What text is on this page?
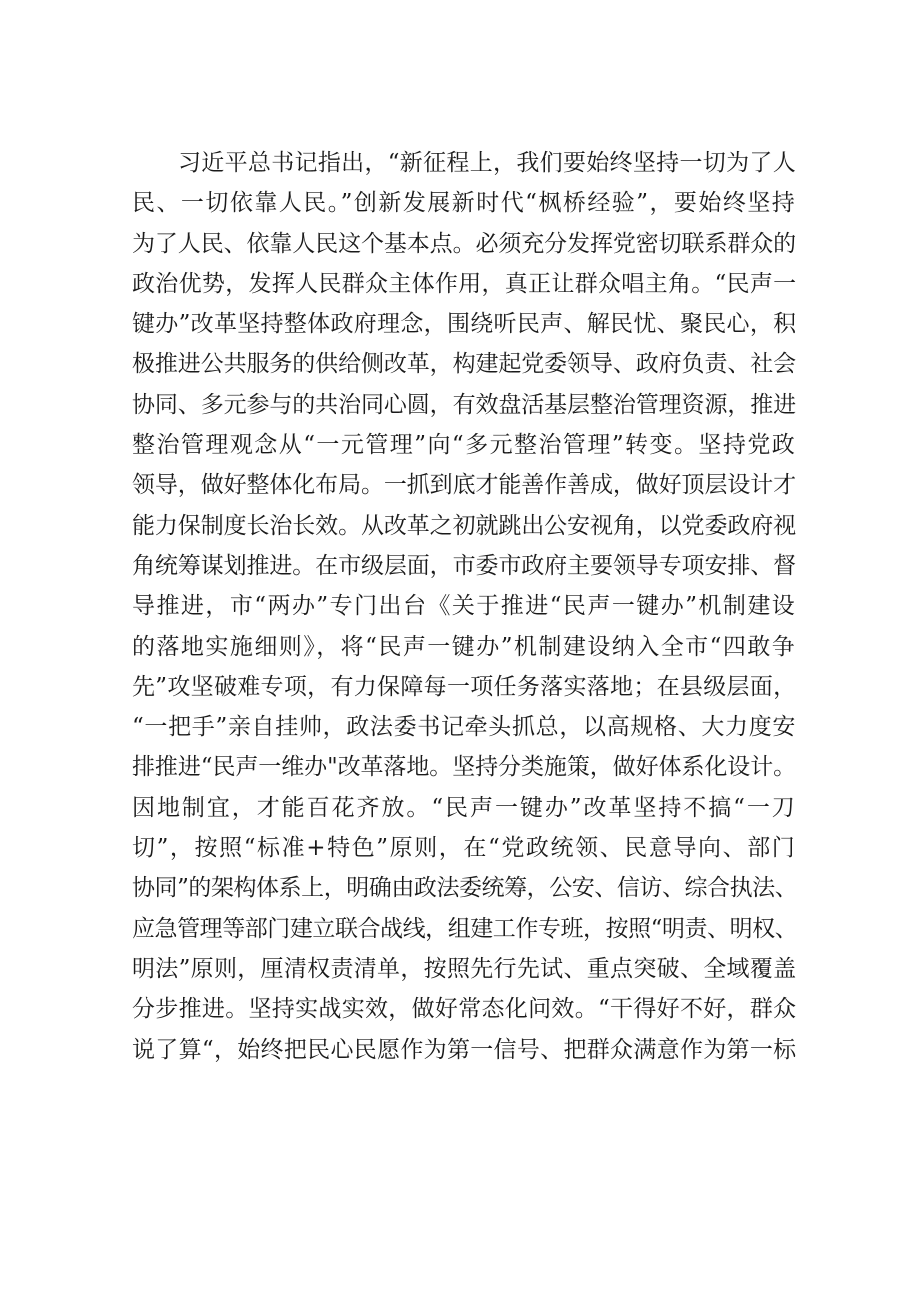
习近平总书记指出，“新征程上，我们要始终坚持一切为了人
民、一切依靠人民。”创新发展新时代“枫桥经验”，要始终坚持
为了人民、依靠人民这个基本点。必须充分发挥党密切联系群众的
政治优势，发挥人民群众主体作用，真正让群众唱主角。“民声一
键办”改革坚持整体政府理念，围绕听民声、解民忧、聚民心，积
极推进公共服务的供给侧改革，构建起党委领导、政府负责、社会
协同、多元参与的共治同心圆，有效盘活基层整治管理资源，推进
整治管理观念从“一元管理”向“多元整治管理”转变。坚持党政
领导，做好整体化布局。一抓到底才能善作善成，做好顶层设计才
能力保制度长治长效。从改革之初就跳出公安视角，以党委政府视
角统筹谋划推进。在市级层面，市委市政府主要领导专项安排、督
导推进，市“两办”专门出台《关于推进“民声一键办”机制建设
的落地实施细则》，将“民声一键办”机制建设纳入全市“四敢争
先”攻坚破难专项，有力保障每一项任务落实落地；在县级层面，
“一把手”亲自挂帅，政法委书记牵头抓总，以高规格、大力度安
排推进“民声一维办"改革落地。坚持分类施策，做好体系化设计。
因地制宜，才能百花齐放。“民声一键办”改革坚持不搞“一刀
切”，按照“标准+特色”原则，在“党政统领、民意导向、部门
协同”的架构体系上，明确由政法委统筹，公安、信访、综合执法、
应急管理等部门建立联合战线，组建工作专班，按照“明责、明权、
明法”原则，厘清权责清单，按照先行先试、重点突破、全域覆盖
分步推进。坚持实战实效，做好常态化问效。“干得好不好，群众
说了算“，始终把民心民愿作为第一信号、把群众满意作为第一标
